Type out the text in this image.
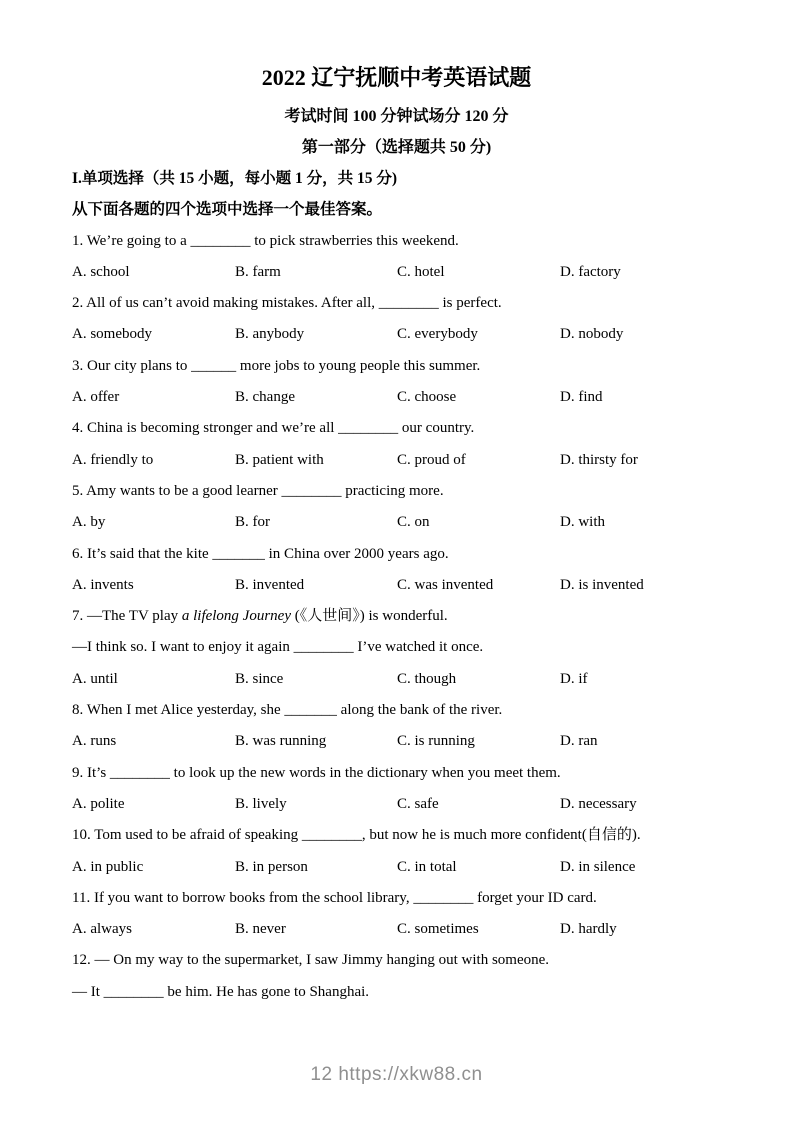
2022 辽宁抚顺中考英语试题
考试时间 100 分钟试场分 120 分
第一部分（选择题共 50 分)
I.单项选择（共 15 小题，每小题 1 分，共 15 分)
从下面各题的四个选项中选择一个最佳答案。
1. We’re going to a ________ to pick strawberries this weekend.
A. school	B. farm	C. hotel	D. factory
2. All of us can’t avoid making mistakes. After all, ________ is perfect.
A. somebody	B. anybody	C. everybody	D. nobody
3. Our city plans to ______ more jobs to young people this summer.
A. offer	B. change	C. choose	D. find
4. China is becoming stronger and we’re all ________ our country.
A. friendly to	B. patient with	C. proud of	D. thirsty for
5. Amy wants to be a good learner ________ practicing more.
A. by	B. for	C. on	D. with
6. It’s said that the kite _______ in China over 2000 years ago.
A. invents	B. invented	C. was invented	D. is invented
7. —The TV play a lifelong Journey (《人世间》) is wonderful.
—I think so. I want to enjoy it again ________ I’ve watched it once.
A. until	B. since	C. though	D. if
8. When I met Alice yesterday, she _______ along the bank of the river.
A. runs	B. was running	C. is running	D. ran
9. It’s ________ to look up the new words in the dictionary when you meet them.
A. polite	B. lively	C. safe	D. necessary
10. Tom used to be afraid of speaking ________, but now he is much more confident(自信的).
A. in public	B. in person	C. in total	D. in silence
11. If you want to borrow books from the school library, ________ forget your ID card.
A. always	B. never	C. sometimes	D. hardly
12. — On my way to the supermarket, I saw Jimmy hanging out with someone.
— It ________ be him. He has gone to Shanghai.
12 https://xkw88.cn
